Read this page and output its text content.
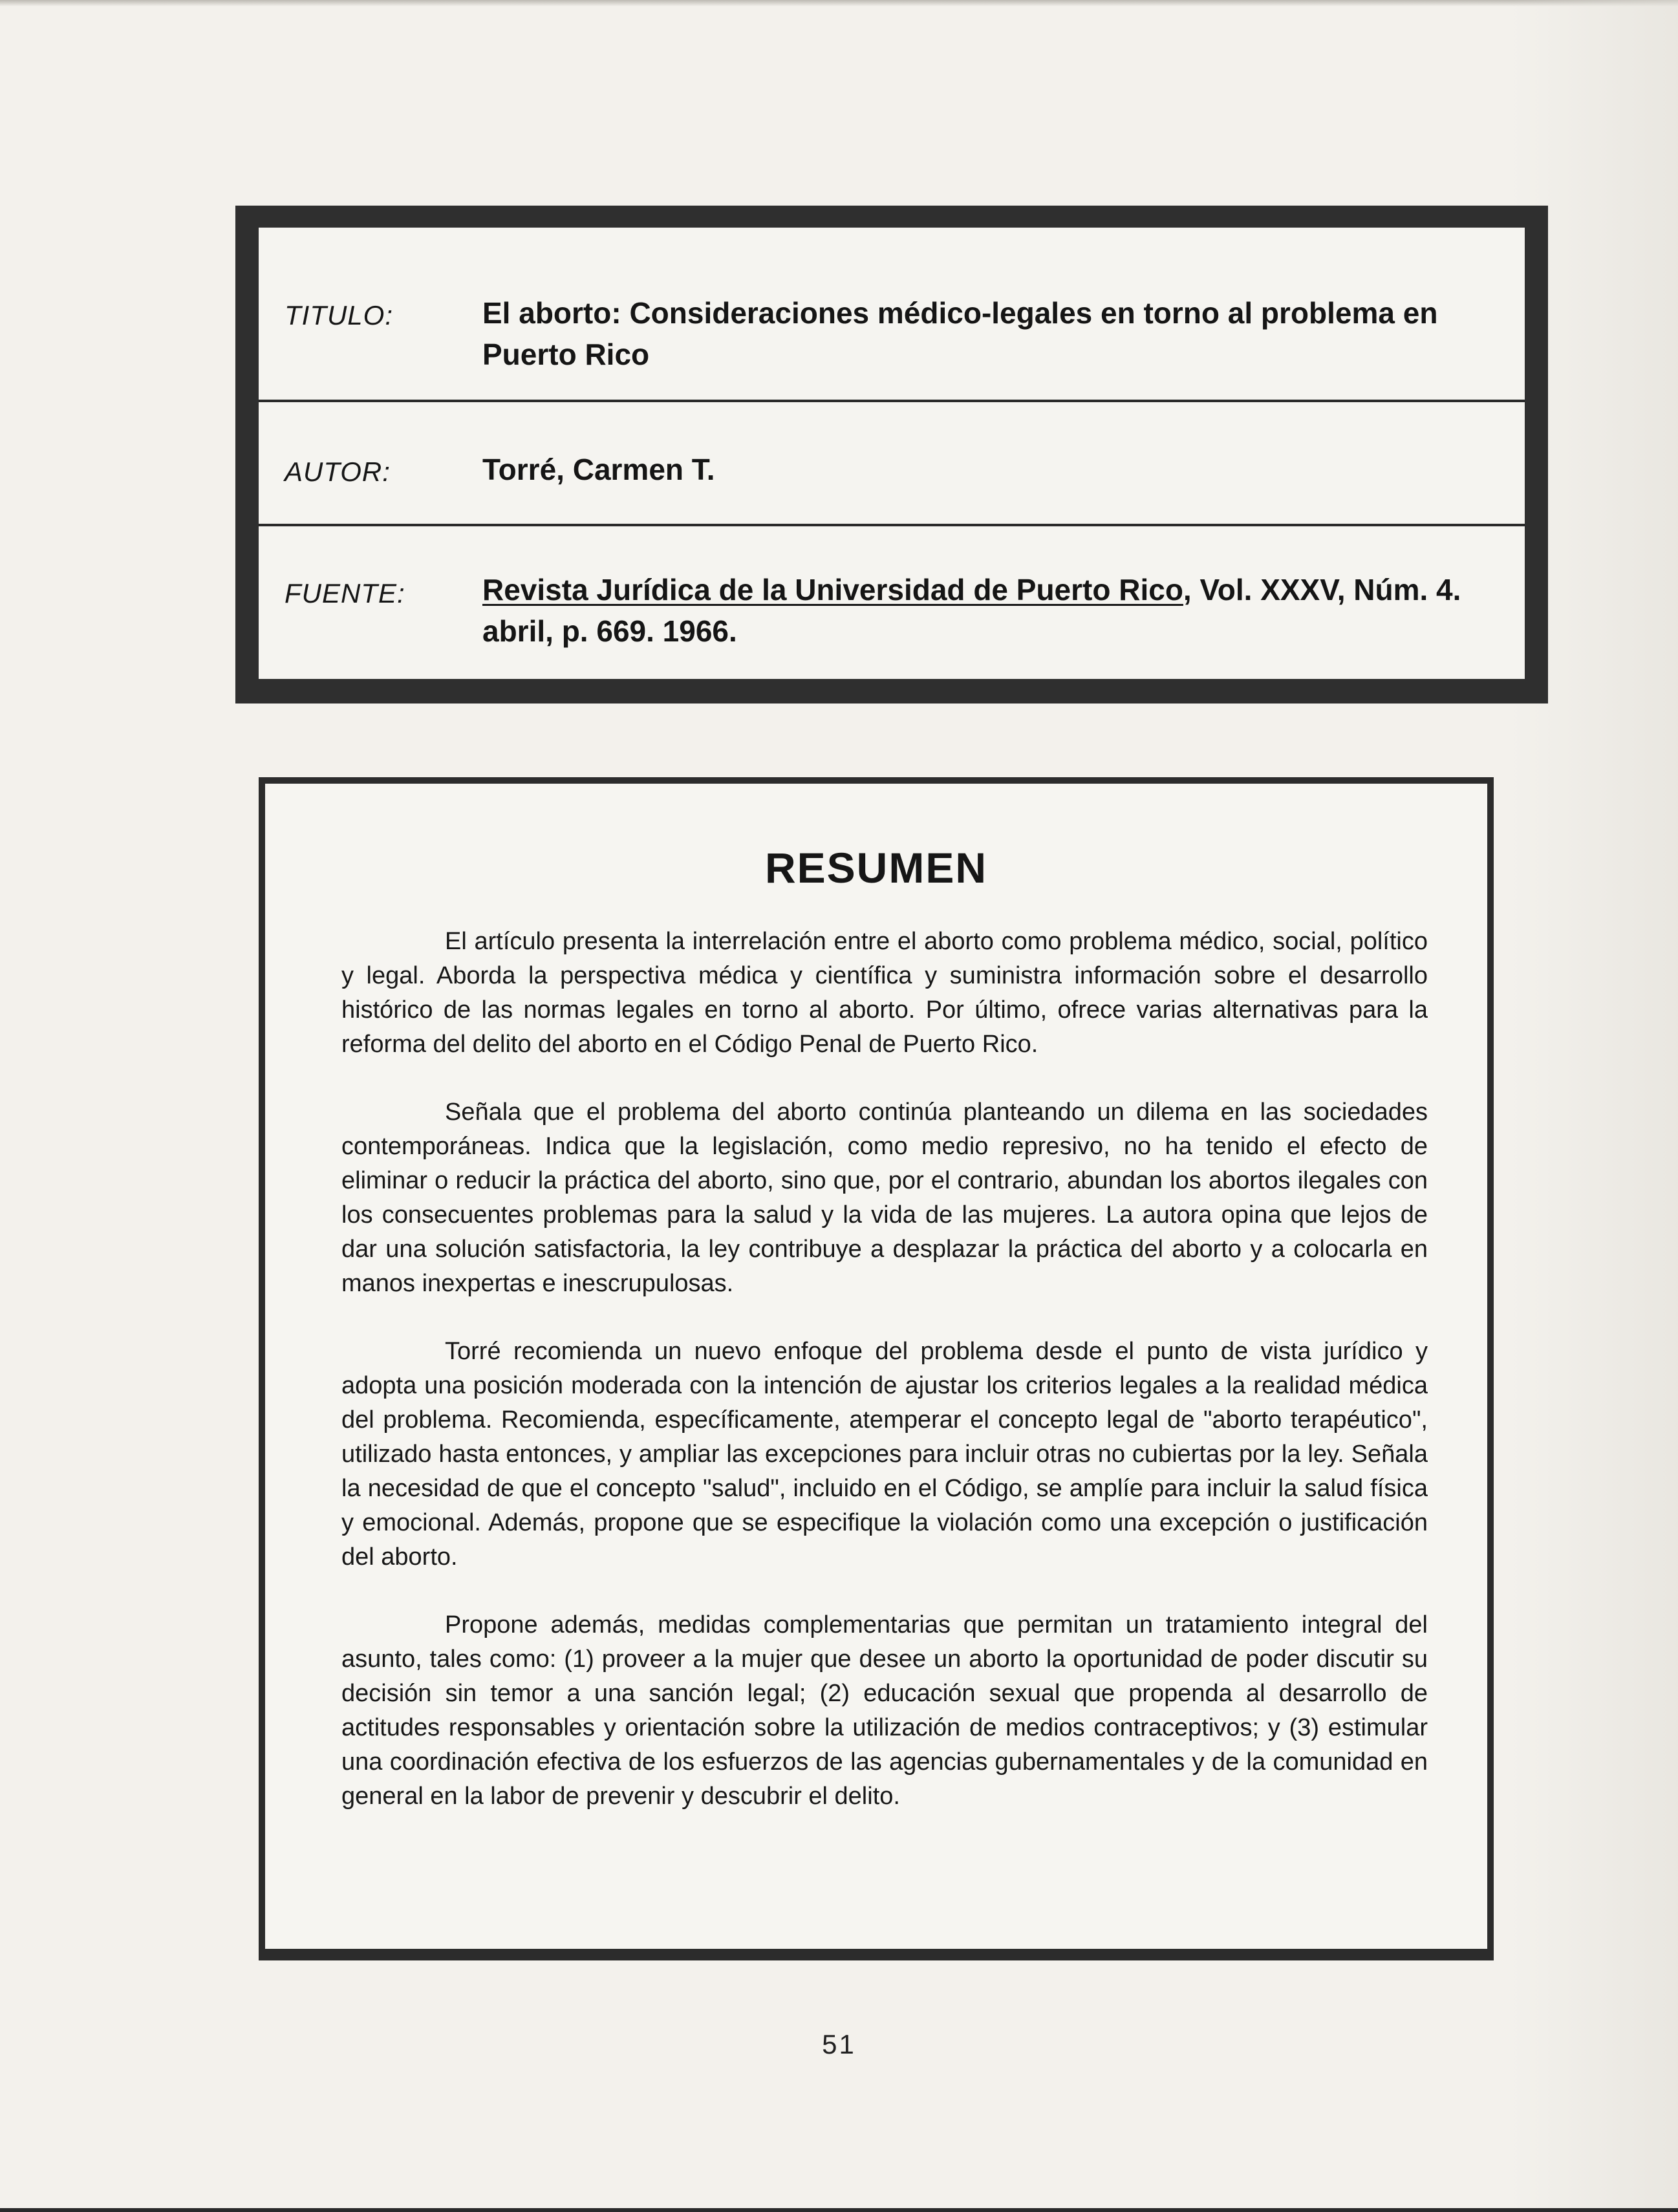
TITULO:	El aborto: Consideraciones médico-legales en torno al problema en Puerto Rico
AUTOR:	Torré, Carmen T.
FUENTE:	Revista Jurídica de la Universidad de Puerto Rico, Vol. XXXV, Núm. 4. abril, p. 669. 1966.
RESUMEN

El artículo presenta la interrelación entre el aborto como problema médico, social, político y legal. Aborda la perspectiva médica y científica y suministra información sobre el desarrollo histórico de las normas legales en torno al aborto. Por último, ofrece varias alternativas para la reforma del delito del aborto en el Código Penal de Puerto Rico.

Señala que el problema del aborto continúa planteando un dilema en las sociedades contemporáneas. Indica que la legislación, como medio represivo, no ha tenido el efecto de eliminar o reducir la práctica del aborto, sino que, por el contrario, abundan los abortos ilegales con los consecuentes problemas para la salud y la vida de las mujeres. La autora opina que lejos de dar una solución satisfactoria, la ley contribuye a desplazar la práctica del aborto y a colocarla en manos inexpertas e inescrupulosas.

Torré recomienda un nuevo enfoque del problema desde el punto de vista jurídico y adopta una posición moderada con la intención de ajustar los criterios legales a la realidad médica del problema. Recomienda, específicamente, atemperar el concepto legal de "aborto terapéutico", utilizado hasta entonces, y ampliar las excepciones para incluir otras no cubiertas por la ley. Señala la necesidad de que el concepto "salud", incluido en el Código, se amplíe para incluir la salud física y emocional. Además, propone que se especifique la violación como una excepción o justificación del aborto.

Propone además, medidas complementarias que permitan un tratamiento integral del asunto, tales como: (1) proveer a la mujer que desee un aborto la oportunidad de poder discutir su decisión sin temor a una sanción legal; (2) educación sexual que propenda al desarrollo de actitudes responsables y orientación sobre la utilización de medios contraceptivos; y (3) estimular una coordinación efectiva de los esfuerzos de las agencias gubernamentales y de la comunidad en general en la labor de prevenir y descubrir el delito.

51
